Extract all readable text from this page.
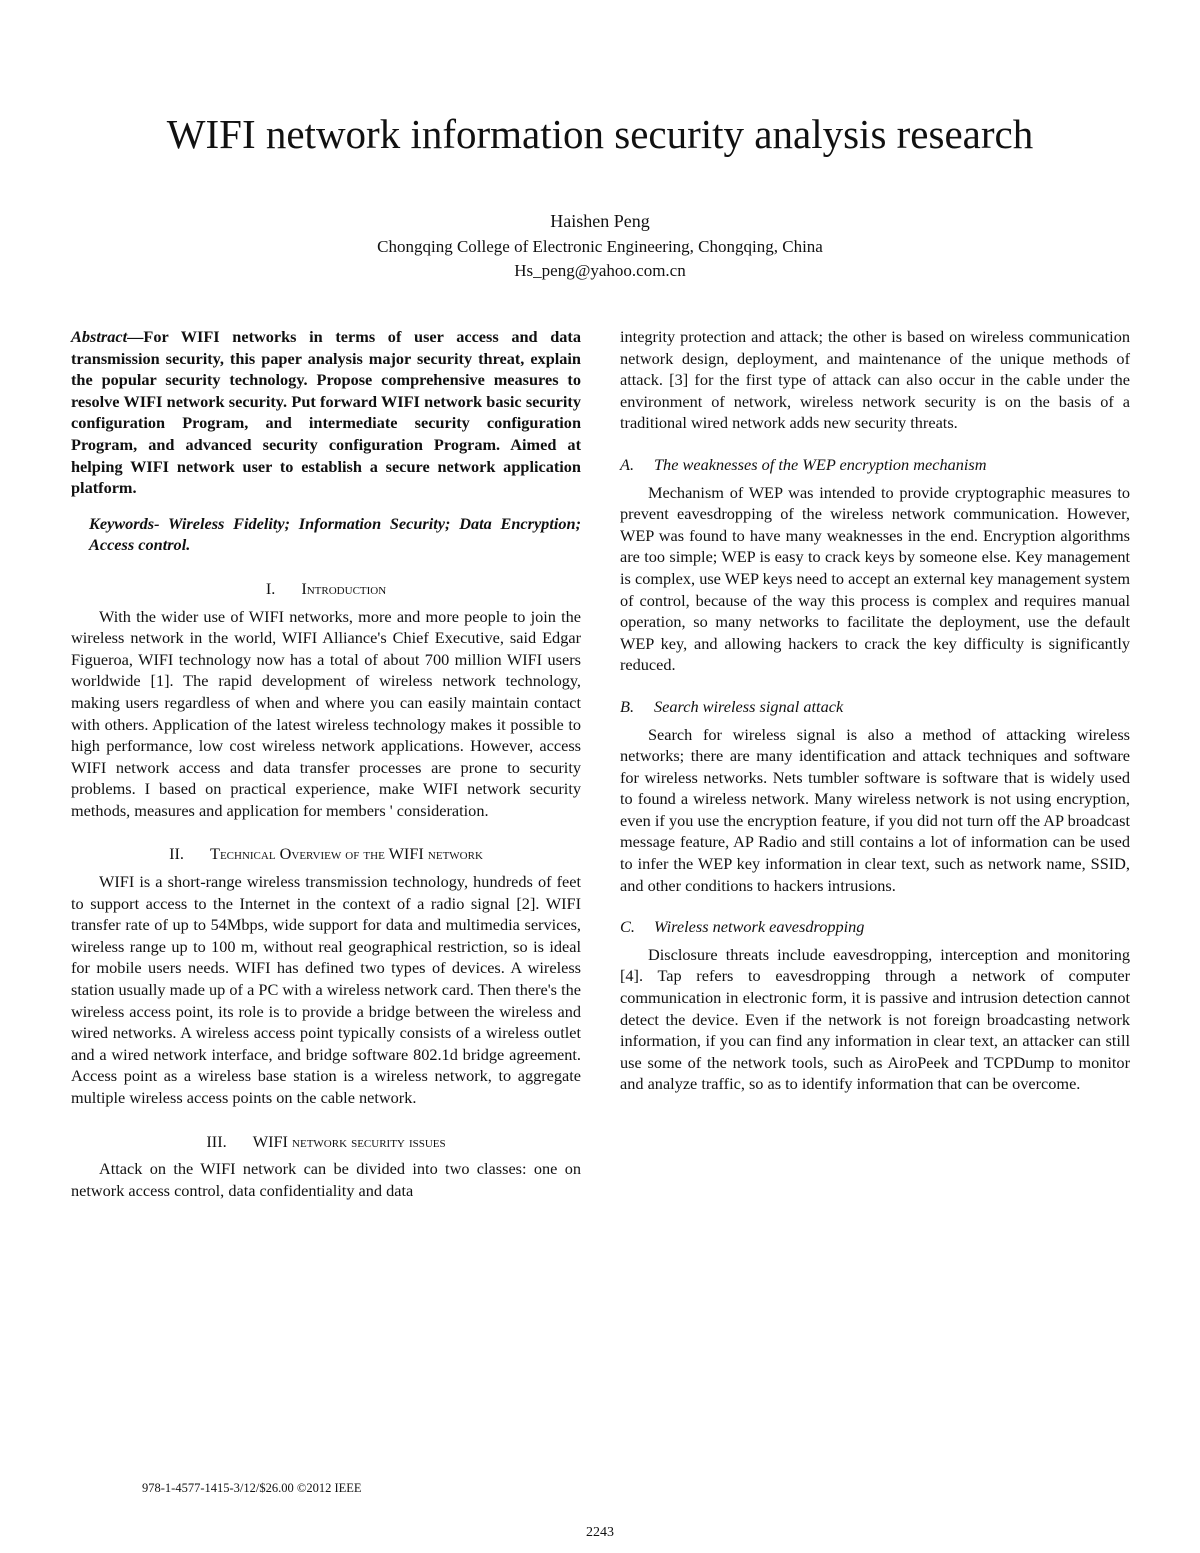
WIFI network information security analysis research
Haishen Peng
Chongqing College of Electronic Engineering, Chongqing, China
Hs_peng@yahoo.com.cn

Abstract—For WIFI networks in terms of user access and data transmission security, this paper analysis major security threat, explain the popular security technology. Propose comprehensive measures to resolve WIFI network security. Put forward WIFI network basic security configuration Program, and intermediate security configuration Program, and advanced security configuration Program. Aimed at helping WIFI network user to establish a secure network application platform.

Keywords- Wireless Fidelity; Information Security; Data Encryption; Access control.

I. Introduction

With the wider use of WIFI networks, more and more people to join the wireless network in the world, WIFI Alliance's Chief Executive, said Edgar Figueroa, WIFI technology now has a total of about 700 million WIFI users worldwide [1]. The rapid development of wireless network technology, making users regardless of when and where you can easily maintain contact with others. Application of the latest wireless technology makes it possible to high performance, low cost wireless network applications. However, access WIFI network access and data transfer processes are prone to security problems. I based on practical experience, make WIFI network security methods, measures and application for members ' consideration.

II. Technical Overview of the WIFI network

WIFI is a short-range wireless transmission technology, hundreds of feet to support access to the Internet in the context of a radio signal [2]. WIFI transfer rate of up to 54Mbps, wide support for data and multimedia services, wireless range up to 100 m, without real geographical restriction, so is ideal for mobile users needs. WIFI has defined two types of devices. A wireless station usually made up of a PC with a wireless network card. Then there's the wireless access point, its role is to provide a bridge between the wireless and wired networks. A wireless access point typically consists of a wireless outlet and a wired network interface, and bridge software 802.1d bridge agreement. Access point as a wireless base station is a wireless network, to aggregate multiple wireless access points on the cable network.

III. WIFI network security issues

Attack on the WIFI network can be divided into two classes: one on network access control, data confidentiality and data

integrity protection and attack; the other is based on wireless communication network design, deployment, and maintenance of the unique methods of attack. [3] for the first type of attack can also occur in the cable under the environment of network, wireless network security is on the basis of a traditional wired network adds new security threats.

A. The weaknesses of the WEP encryption mechanism

Mechanism of WEP was intended to provide cryptographic measures to prevent eavesdropping of the wireless network communication. However, WEP was found to have many weaknesses in the end. Encryption algorithms are too simple; WEP is easy to crack keys by someone else. Key management is complex, use WEP keys need to accept an external key management system of control, because of the way this process is complex and requires manual operation, so many networks to facilitate the deployment, use the default WEP key, and allowing hackers to crack the key difficulty is significantly reduced.

B. Search wireless signal attack

Search for wireless signal is also a method of attacking wireless networks; there are many identification and attack techniques and software for wireless networks. Nets tumbler software is software that is widely used to found a wireless network. Many wireless network is not using encryption, even if you use the encryption feature, if you did not turn off the AP broadcast message feature, AP Radio and still contains a lot of information can be used to infer the WEP key information in clear text, such as network name, SSID, and other conditions to hackers intrusions.

C. Wireless network eavesdropping

Disclosure threats include eavesdropping, interception and monitoring [4]. Tap refers to eavesdropping through a network of computer communication in electronic form, it is passive and intrusion detection cannot detect the device. Even if the network is not foreign broadcasting network information, if you can find any information in clear text, an attacker can still use some of the network tools, such as AiroPeek and TCPDump to monitor and analyze traffic, so as to identify information that can be overcome.

978-1-4577-1415-3/12/$26.00 ©2012 IEEE
2243
